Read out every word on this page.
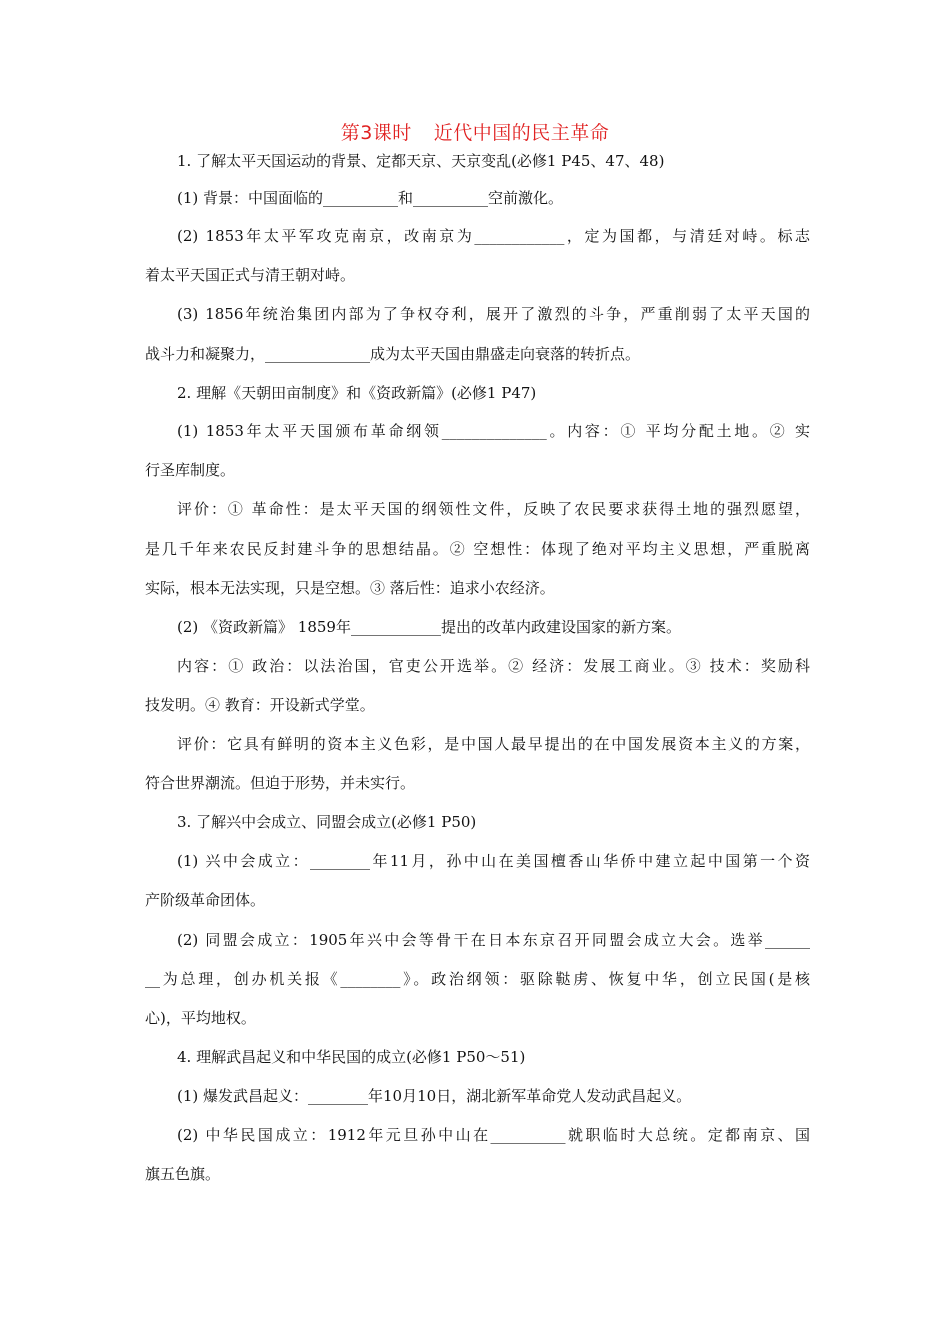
第3课时 近代中国的民主革命
1. 了解太平天国运动的背景、定都天京、天京变乱(必修1 P45、47、48)
(1) 背景：中国面临的__________和__________空前激化。
(2) 1853年太平军攻克南京，改南京为____________，定为国都，与清廷对峙。标志
着太平天国正式与清王朝对峙。
(3) 1856年统治集团内部为了争权夺利，展开了激烈的斗争，严重削弱了太平天国的
战斗力和凝聚力，______________成为太平天国由鼎盛走向衰落的转折点。
2. 理解《天朝田亩制度》和《资政新篇》(必修1 P47)
(1) 1853年太平天国颁布革命纲领______________。内容：① 平均分配土地。② 实
行圣库制度。
评价：① 革命性：是太平天国的纲领性文件，反映了农民要求获得土地的强烈愿望，
是几千年来农民反封建斗争的思想结晶。② 空想性：体现了绝对平均主义思想，严重脱离
实际，根本无法实现，只是空想。③ 落后性：追求小农经济。
(2) 《资政新篇》 1859年____________提出的改革内政建设国家的新方案。
内容：① 政治：以法治国，官吏公开选举。② 经济：发展工商业。③ 技术：奖励科
技发明。④ 教育：开设新式学堂。
评价：它具有鲜明的资本主义色彩，是中国人最早提出的在中国发展资本主义的方案，
符合世界潮流。但迫于形势，并未实行。
3. 了解兴中会成立、同盟会成立(必修1 P50)
(1) 兴中会成立：________年11月，孙中山在美国檀香山华侨中建立起中国第一个资
产阶级革命团体。
(2) 同盟会成立：1905年兴中会等骨干在日本东京召开同盟会成立大会。选举______
__为总理，创办机关报《________》。政治纲领：驱除鞑虏、恢复中华，创立民国(是核
心)，平均地权。
4. 理解武昌起义和中华民国的成立(必修1 P50～51)
(1) 爆发武昌起义：________年10月10日，湖北新军革命党人发动武昌起义。
(2) 中华民国成立：1912年元旦孙中山在__________就职临时大总统。定都南京、国
旗五色旗。
